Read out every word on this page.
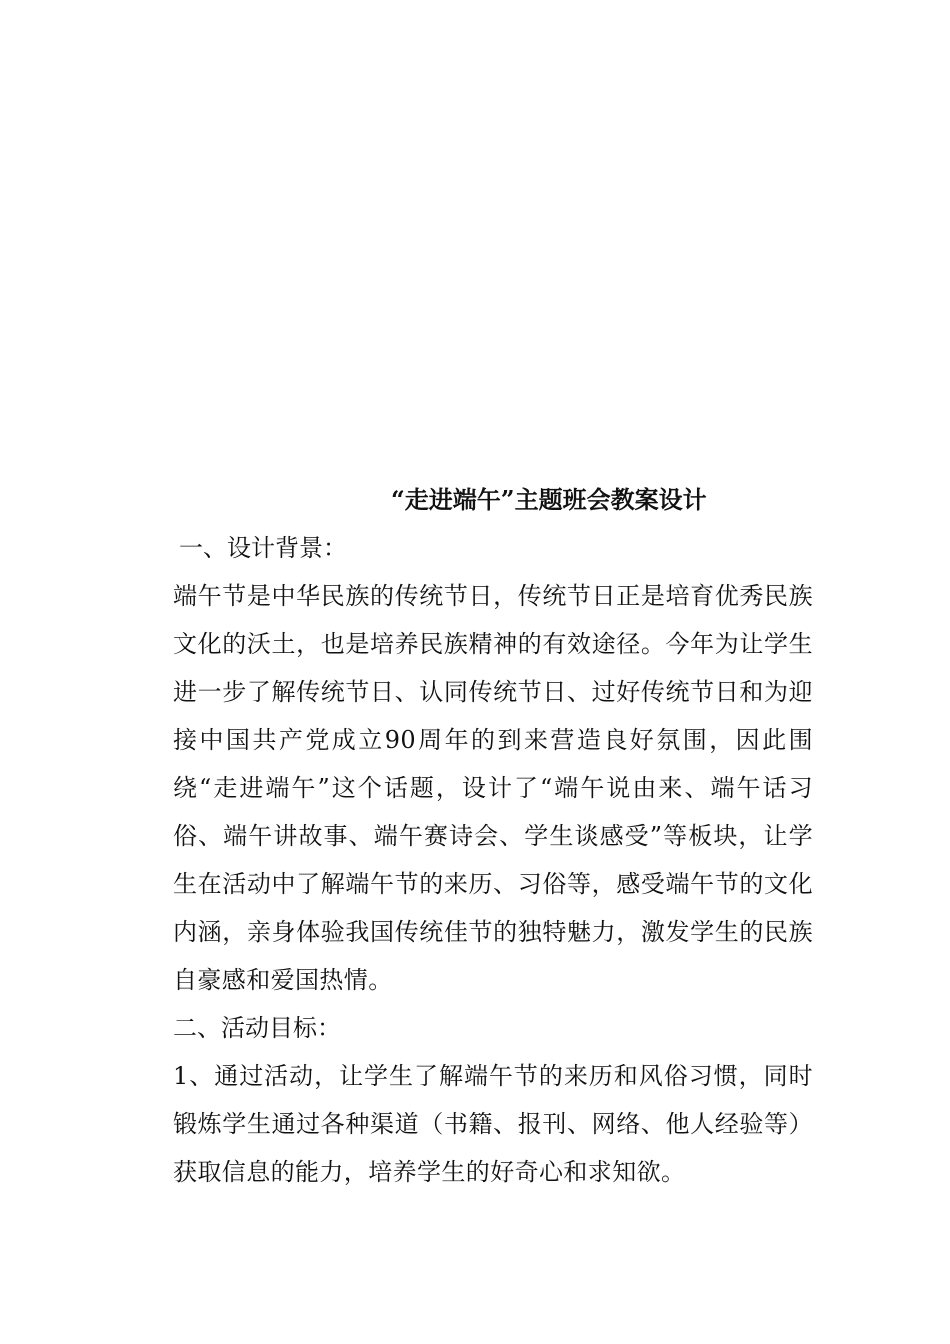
“走进端午”主题班会教案设计

一、设计背景：

端午节是中华民族的传统节日，传统节日正是培育优秀民族文化的沃土，也是培养民族精神的有效途径。今年为让学生进一步了解传统节日、认同传统节日、过好传统节日和为迎接中国共产党成立90周年的到来营造良好氛围，因此围绕“走进端午”这个话题，设计了“端午说由来、端午话习俗、端午讲故事、端午赛诗会、学生谈感受”等板块，让学生在活动中了解端午节的来历、习俗等，感受端午节的文化内涵，亲身体验我国传统佳节的独特魅力，激发学生的民族自豪感和爱国热情。

二、活动目标：

1、通过活动，让学生了解端午节的来历和风俗习惯，同时锻炼学生通过各种渠道（书籍、报刊、网络、他人经验等）获取信息的能力，培养学生的好奇心和求知欲。
